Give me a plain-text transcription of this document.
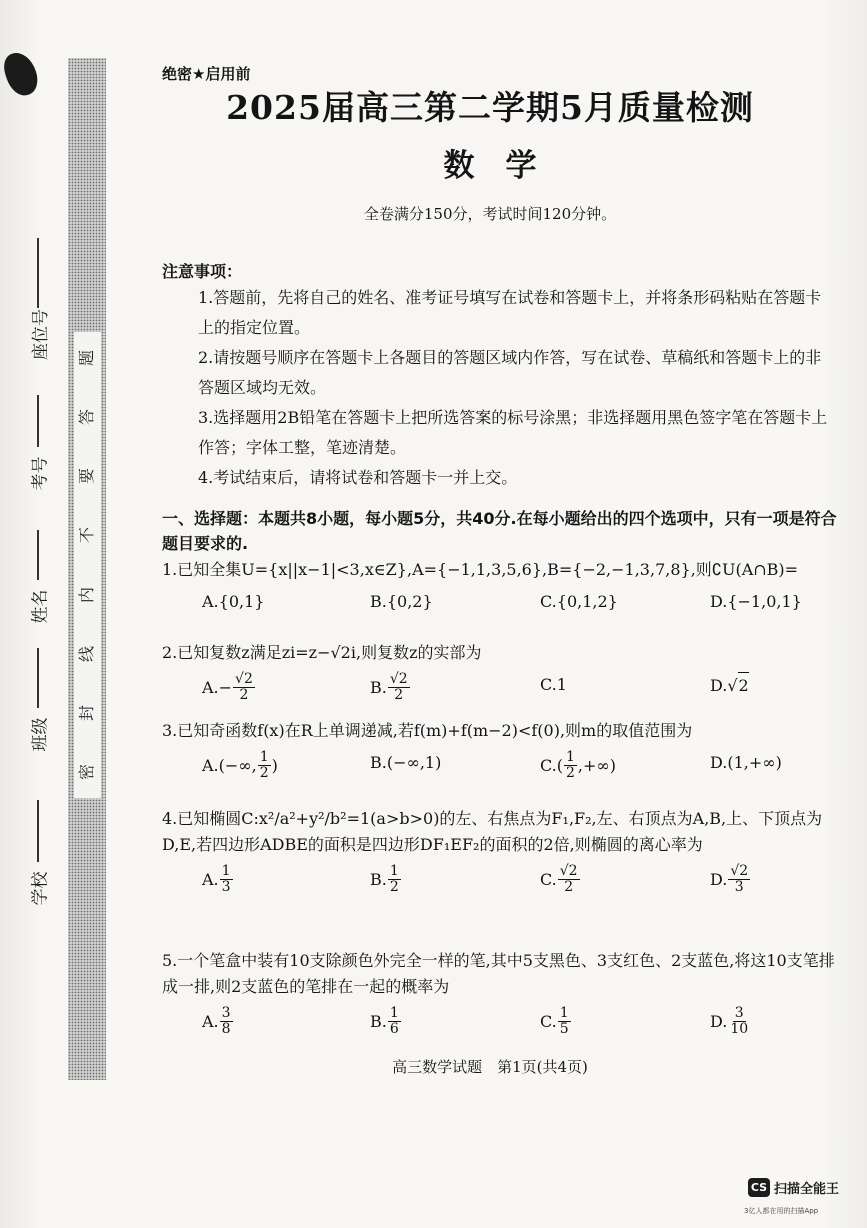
题
答
要
不
内
线
封
密
座位号
考号
姓名
班级
学校
绝密★启用前
2025届高三第二学期5月质量检测
数　学
全卷满分150分，考试时间120分钟。
注意事项：

1.答题前，先将自己的姓名、准考证号填写在试卷和答题卡上，并将条形码粘贴在答题卡上的指定位置。

2.请按题号顺序在答题卡上各题目的答题区域内作答，写在试卷、草稿纸和答题卡上的非答题区域均无效。

3.选择题用2B铅笔在答题卡上把所选答案的标号涂黑；非选择题用黑色签字笔在答题卡上作答；字体工整，笔迹清楚。

4.考试结束后，请将试卷和答题卡一并上交。

一、选择题：本题共8小题，每小题5分，共40分.在每小题给出的四个选项中，只有一项是符合题目要求的.

1.已知全集U={x||x−1|<3,x∈Z},A={−1,1,3,5,6},B={−2,−1,3,7,8},则∁U(A∩B)=

A.{0,1}	B.{0,2}	C.{0,1,2}	D.{−1,0,1}

2.已知复数z满足zi=z−√2i,则复数z的实部为

$A.- \frac{√2}{2}$	B. $\frac{√2}{2}$	C.1	D. √ 2

3.已知奇函数f(x)在R上单调递减,若f(m)+f(m−2)<f(0),则m的取值范围为

A.(−∞, $\frac{1}{2}$ )	B.(−∞,1)	$C.( \frac{1}{2}$ ,+∞)	D.(1,+∞)

4.已知椭圆C:x²/a²+y²/b²=1(a>b>0)的左、右焦点为F₁,F₂,左、右顶点为A,B,上、下顶点为D,E,若四边形ADBE的面积是四边形DF₁EF₂的面积的2倍,则椭圆的离心率为

A. $\frac{1}{3}$	B. $\frac{1}{2}$	C. $\frac{√2}{2}$	D. $\frac{√2}{3}$

5.一个笔盒中装有10支除颜色外完全一样的笔,其中5支黑色、3支红色、2支蓝色,将这10支笔排成一排,则2支蓝色的笔排在一起的概率为

A. $\frac{3}{8}$	B. $\frac{1}{6}$	C. $\frac{1}{5}$	D. $\frac{3}{10}$
高三数学试题　第1页(共4页)
CS 扫描全能王
3亿人都在用的扫描App
